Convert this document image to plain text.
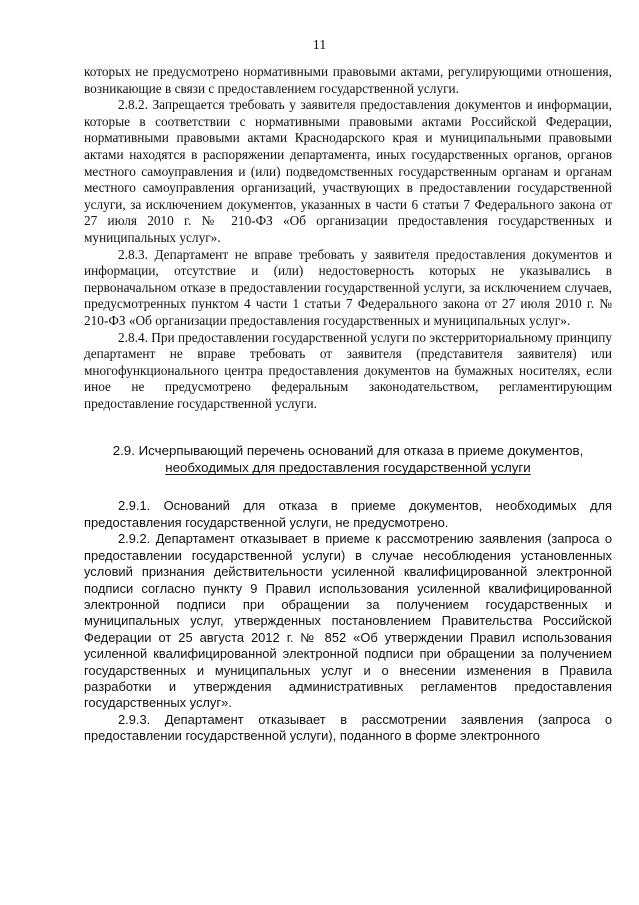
11

которых не предусмотрено нормативными правовыми актами, регулирующими отношения, возникающие в связи с предоставлением государственной услуги.

2.8.2. Запрещается требовать у заявителя предоставления документов и информации, которые в соответствии с нормативными правовыми актами Российской Федерации, нормативными правовыми актами Краснодарского края и муниципальными правовыми актами находятся в распоряжении департамента, иных государственных органов, органов местного самоуправления и (или) подведомственных государственным органам и органам местного самоуправления организаций, участвующих в предоставлении государственной услуги, за исключением документов, указанных в части 6 статьи 7 Федерального закона от 27 июля 2010 г. № 210-ФЗ «Об организации предоставления государственных и муниципальных услуг».

2.8.3. Департамент не вправе требовать у заявителя предоставления документов и информации, отсутствие и (или) недостоверность которых не указывались в первоначальном отказе в предоставлении государственной услуги, за исключением случаев, предусмотренных пунктом 4 части 1 статьи 7 Федерального закона от 27 июля 2010 г. № 210-ФЗ «Об организации предоставления государственных и муниципальных услуг».

2.8.4. При предоставлении государственной услуги по экстерриториальному принципу департамент не вправе требовать от заявителя (представителя заявителя) или многофункционального центра предоставления документов на бумажных носителях, если иное не предусмотрено федеральным законодательством, регламентирующим предоставление государственной услуги.

2.9. Исчерпывающий перечень оснований для отказа в приеме документов,
необходимых для предоставления государственной услуги

2.9.1. Оснований для отказа в приеме документов, необходимых для предоставления государственной услуги, не предусмотрено.

2.9.2. Департамент отказывает в приеме к рассмотрению заявления (запроса о предоставлении государственной услуги) в случае несоблюдения установленных условий признания действительности усиленной квалифицированной электронной подписи согласно пункту 9 Правил использования усиленной квалифицированной электронной подписи при обращении за получением государственных и муниципальных услуг, утвержденных постановлением Правительства Российской Федерации от 25 августа 2012 г. № 852 «Об утверждении Правил использования усиленной квалифицированной электронной подписи при обращении за получением государственных и муниципальных услуг и о внесении изменения в Правила разработки и утверждения административных регламентов предоставления государственных услуг».

2.9.3. Департамент отказывает в рассмотрении заявления (запроса о предоставлении государственной услуги), поданного в форме электронного
